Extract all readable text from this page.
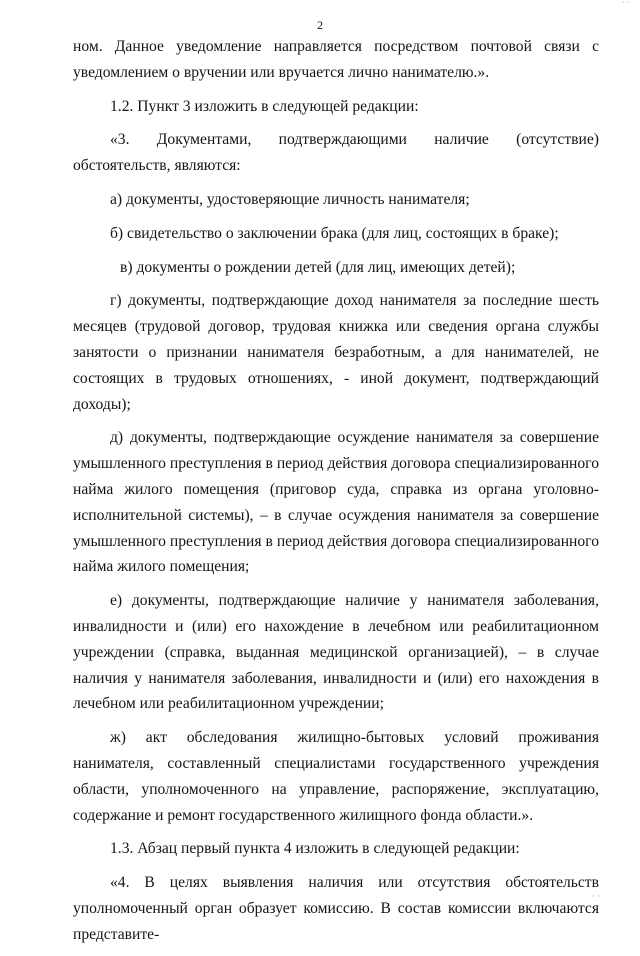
˙ ˙
2

ном. Данное уведомление направляется посредством почтовой связи с уведомлением о вручении или вручается лично нанимателю.».

1.2. Пункт 3 изложить в следующей редакции:

«3. Документами, подтверждающими наличие (отсутствие) обстоятельств, являются:

а) документы, удостоверяющие личность нанимателя;

б) свидетельство о заключении брака (для лиц, состоящих в браке);

в) документы о рождении детей (для лиц, имеющих детей);

г) документы, подтверждающие доход нанимателя за последние шесть месяцев (трудовой договор, трудовая книжка или сведения органа службы занятости о признании нанимателя безработным, а для нанимателей, не состоящих в трудовых отношениях, - иной документ, подтверждающий доходы);

д) документы, подтверждающие осуждение нанимателя за совершение умышленного преступления в период действия договора специализированного найма жилого помещения (приговор суда, справка из органа уголовно-исполнительной системы), – в случае осуждения нанимателя за совершение умышленного преступления в период действия договора специализированного найма жилого помещения;

е) документы, подтверждающие наличие у нанимателя заболевания, инвалидности и (или) его нахождение в лечебном или реабилитационном учреждении (справка, выданная медицинской организацией), – в случае наличия у нанимателя заболевания, инвалидности и (или) его нахождения в лечебном или реабилитационном учреждении;

ж) акт обследования жилищно-бытовых условий проживания нанимателя, составленный специалистами государственного учреждения области, уполномоченного на управление, распоряжение, эксплуатацию, содержание и ремонт государственного жилищного фонда области.».

1.3. Абзац первый пункта 4 изложить в следующей редакции:

«4. В целях выявления наличия или отсутствия обстоятельств уполномоченный орган образует комиссию. В состав комиссии включаются представите-

· ·
